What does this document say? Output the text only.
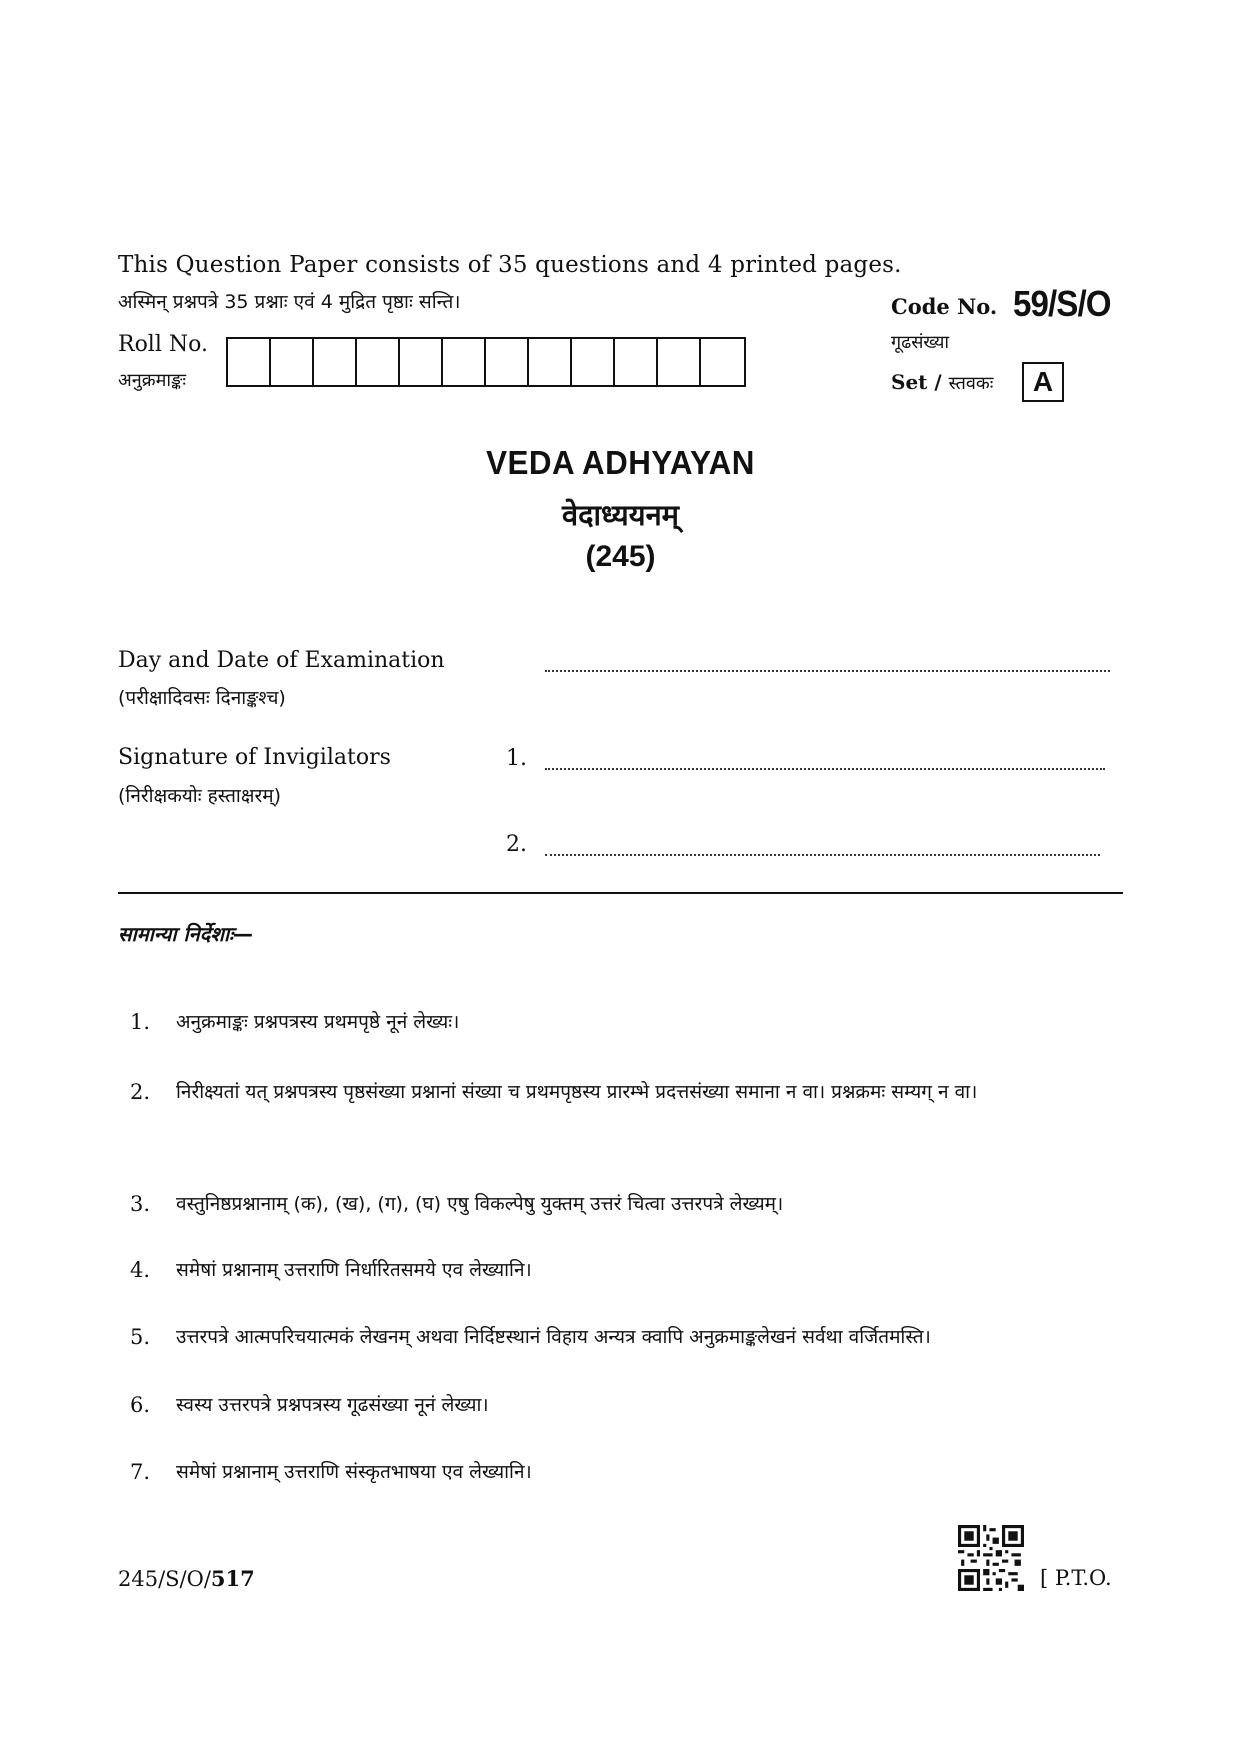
This Question Paper consists of 35 questions and 4 printed pages.
अस्मिन् प्रश्नपत्रे 35 प्रश्नाः एवं 4 मुद्रित पृष्ठाः सन्ति।
Roll No.
अनुक्रमाङ्कः
Code No. 59/S/O
गूढसंख्या
Set / स्तवकः	A
VEDA ADHYAYAN
वेदाध्ययनम्
(245)
Day and Date of Examination
(परीक्षादिवसः दिनाङ्कश्च)
Signature of Invigilators
(निरीक्षकयोः हस्ताक्षरम्)
1.
2.
सामान्या निर्देशाः—
1.	अनुक्रमाङ्कः प्रश्नपत्रस्य प्रथमपृष्ठे नूनं लेख्यः।
2.	निरीक्ष्यतां यत् प्रश्नपत्रस्य पृष्ठसंख्या प्रश्नानां संख्या च प्रथमपृष्ठस्य प्रारम्भे प्रदत्तसंख्या समाना न वा। प्रश्नक्रमः सम्यग् न वा।
3.	वस्तुनिष्ठप्रश्नानाम् (क), (ख), (ग), (घ) एषु विकल्पेषु युक्तम् उत्तरं चित्वा उत्तरपत्रे लेख्यम्।
4.	समेषां प्रश्नानाम् उत्तराणि निर्धारितसमये एव लेख्यानि।
5.	उत्तरपत्रे आत्मपरिचयात्मकं लेखनम् अथवा निर्दिष्टस्थानं विहाय अन्यत्र क्वापि अनुक्रमाङ्कलेखनं सर्वथा वर्जितमस्ति।
6.	स्वस्य उत्तरपत्रे प्रश्नपत्रस्य गूढसंख्या नूनं लेख्या।
7.	समेषां प्रश्नानाम् उत्तराणि संस्कृतभाषया एव लेख्यानि।
245/S/O/517	[ P.T.O.
